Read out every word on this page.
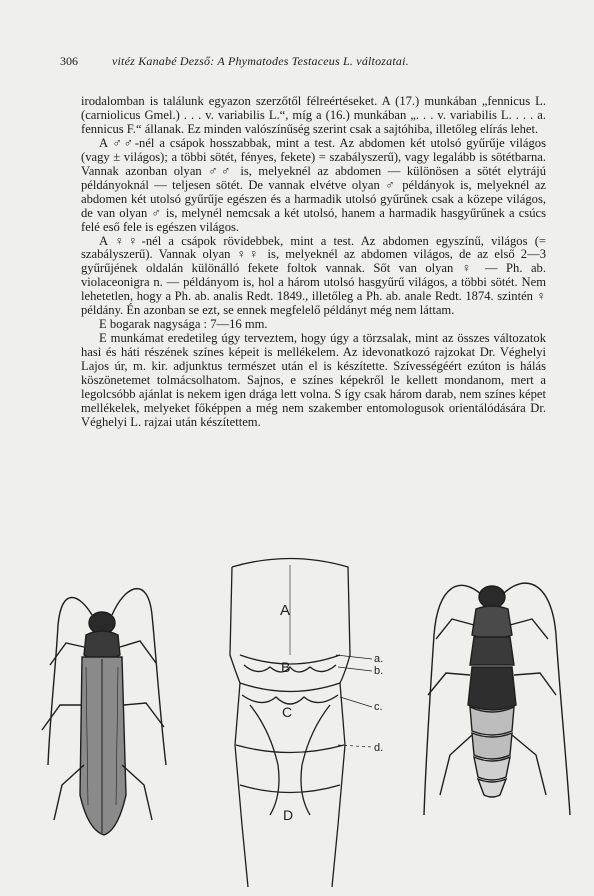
306	vitéz Kanabé Dezső: A Phymatodes Testaceus L. változatai.

irodalomban is találunk egyazon szerzőtől félreértéseket. A (17.) munkában „fennicus L. (carniolicus Gmel.) . . . v. variabilis L.“, míg a (16.) munkában „. . . v. variabilis L. . . . a. fennicus F.“ állanak. Ez minden valószínűség szerint csak a sajtóhiba, illetőleg elírás lehet.

A ♂♂-nél a csápok hosszabbak, mint a test. Az abdomen két utolsó gyűrűje világos (vagy ± világos); a többi sötét, fényes, fekete) = szabályszerű), vagy legalább is sötétbarna. Vannak azonban olyan ♂♂ is, melyeknél az abdomen — különösen a sötét elytrájú példányoknál — teljesen sötét. De vannak elvétve olyan ♂ példányok is, melyeknél az abdomen két utolsó gyűrűje egészen és a harmadik utolsó gyűrűnek csak a közepe világos, de van olyan ♂ is, melynél nemcsak a két utolsó, hanem a harmadik hasgyűrűnek a csúcs felé eső fele is egészen világos.

A ♀♀-nél a csápok rövidebbek, mint a test. Az abdomen egyszínű, világos (= szabályszerű). Vannak olyan ♀♀ is, melyeknél az abdomen világos, de az első 2—3 gyűrűjének oldalán különálló fekete foltok vannak. Sőt van olyan ♀ — Ph. ab. violaceonigra n. — példányom is, hol a három utolsó hasgyűrű világos, a többi sötét. Nem lehetetlen, hogy a Ph. ab. analis Redt. 1849., illetőleg a Ph. ab. anale Redt. 1874. szintén ♀ példány. Én azonban se ezt, se ennek megfelelő példányt még nem láttam.

E bogarak nagysága : 7—16 mm.

E munkámat eredetileg úgy terveztem, hogy úgy a törzsalak, mint az összes változatok hasi és háti részének színes képeit is mellékelem. Az idevonatkozó rajzokat Dr. Véghelyi Lajos úr, m. kir. adjunktus természet után el is készítette. Szívességéért ezúton is hálás köszönetemet tolmácsolhatom. Sajnos, e színes képekről le kellett mondanom, mert a legolcsóbb ajánlat is nekem igen drága lett volna. S így csak három darab, nem színes képet mellékelek, melyeket főképpen a még nem szakember entomologusok orientálódására Dr. Véghelyi L. rajzai után készítettem.

A
B
C
D
a.
b.
c.
d.
